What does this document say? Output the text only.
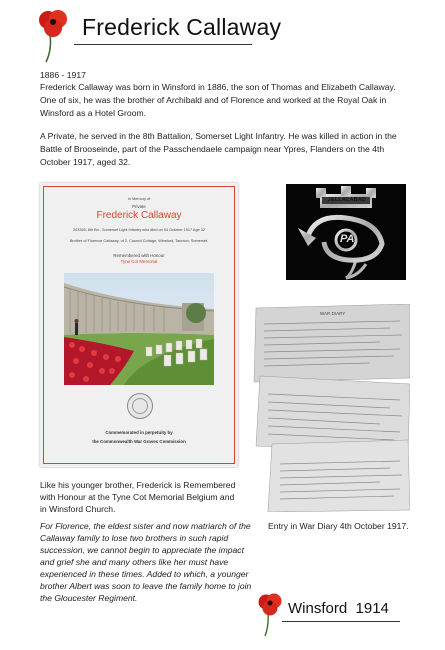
Frederick Callaway
1886 - 1917
Frederick Callaway was born in Winsford in 1886, the son of Thomas and Elizabeth Callaway.
One of six, he was the brother of Archibald and of Florence and worked at the Royal Oak in
Winsford as a Hotel Groom.
A Private, he served in the 8th Battalion, Somerset Light Infantry. He was killed in action in the
Battle of Brooseinde, part of the Passchendaele campaign near Ypres, Flanders on the 4th
October 1917, aged 32.
In Memory of
Private
Frederick Callaway
203365, 8th Bn., Somerset Light Infantry who died on 04 October 1917 Age 32
Brother of Florence Callaway, of 2, Council Cottage, Winsford, Taunton, Somerset.
Remembered with Honour
Tyne Cot Memorial
Commemorated in perpetuity by
the Commonwealth War Graves Commission
JELLALABAD
PA
WAR DIARY
Like his younger brother, Frederick is Remembered
with Honour at the Tyne Cot Memorial Belgium and
in Winsford Church.
Entry in War Diary 4th October 1917.
For Florence, the eldest sister and now matriarch of the
Callaway family to lose two brothers in such rapid
succession, we cannot begin to appreciate the impact
and grief she and many others like her must have
experienced in these times. Added to which, a younger
brother Albert was soon to leave the family home to join
the Gloucester Regiment.
Winsford  1914
